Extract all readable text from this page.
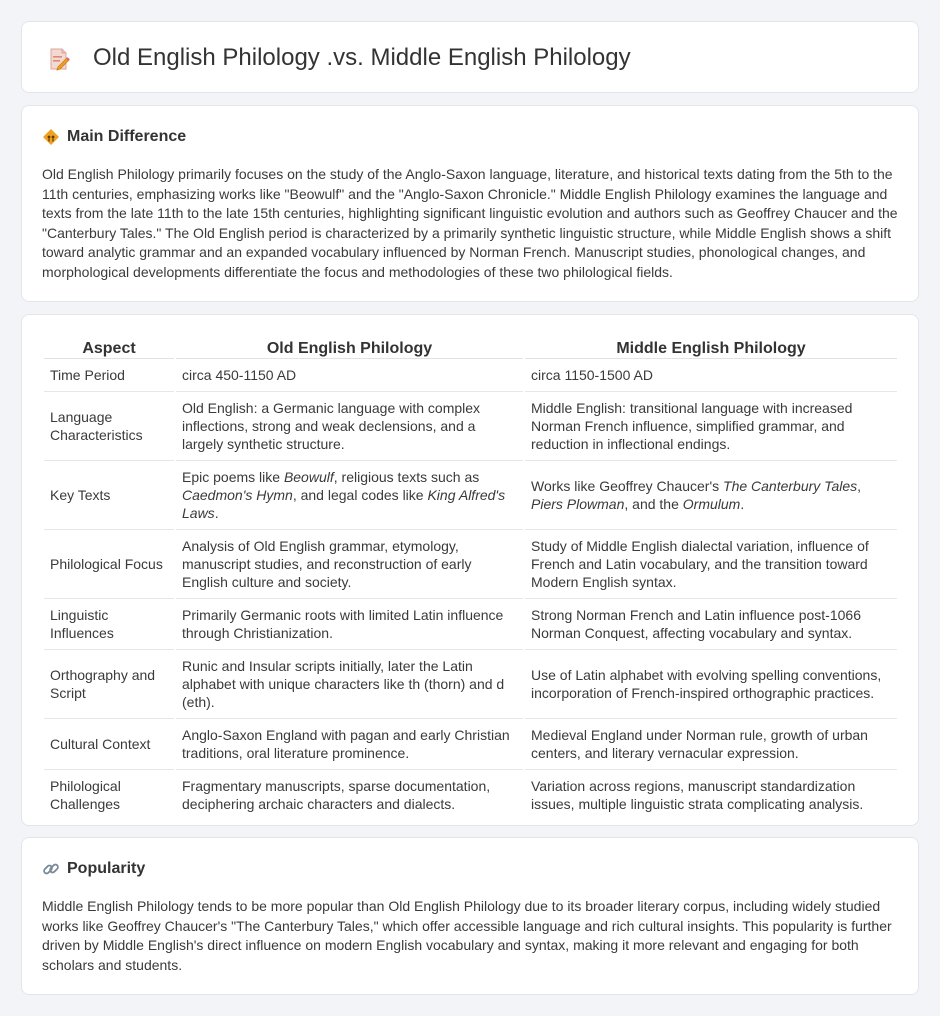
Old English Philology .vs. Middle English Philology
Main Difference

Old English Philology primarily focuses on the study of the Anglo-Saxon language, literature, and historical texts dating from the 5th to the 11th centuries, emphasizing works like "Beowulf" and the "Anglo-Saxon Chronicle." Middle English Philology examines the language and texts from the late 11th to the late 15th centuries, highlighting significant linguistic evolution and authors such as Geoffrey Chaucer and the "Canterbury Tales." The Old English period is characterized by a primarily synthetic linguistic structure, while Middle English shows a shift toward analytic grammar and an expanded vocabulary influenced by Norman French. Manuscript studies, phonological changes, and morphological developments differentiate the focus and methodologies of these two philological fields.

Aspect	Old English Philology	Middle English Philology
Time Period	circa 450-1150 AD	circa 1150-1500 AD
Language Characteristics	Old English: a Germanic language with complex inflections, strong and weak declensions, and a largely synthetic structure.	Middle English: transitional language with increased Norman French influence, simplified grammar, and reduction in inflectional endings.
Key Texts	Epic poems like Beowulf, religious texts such as Caedmon's Hymn, and legal codes like King Alfred's Laws.	Works like Geoffrey Chaucer's The Canterbury Tales, Piers Plowman, and the Ormulum.
Philological Focus	Analysis of Old English grammar, etymology, manuscript studies, and reconstruction of early English culture and society.	Study of Middle English dialectal variation, influence of French and Latin vocabulary, and the transition toward Modern English syntax.
Linguistic Influences	Primarily Germanic roots with limited Latin influence through Christianization.	Strong Norman French and Latin influence post-1066 Norman Conquest, affecting vocabulary and syntax.
Orthography and Script	Runic and Insular scripts initially, later the Latin alphabet with unique characters like th (thorn) and d (eth).	Use of Latin alphabet with evolving spelling conventions, incorporation of French-inspired orthographic practices.
Cultural Context	Anglo-Saxon England with pagan and early Christian traditions, oral literature prominence.	Medieval England under Norman rule, growth of urban centers, and literary vernacular expression.
Philological Challenges	Fragmentary manuscripts, sparse documentation, deciphering archaic characters and dialects.	Variation across regions, manuscript standardization issues, multiple linguistic strata complicating analysis.
Popularity

Middle English Philology tends to be more popular than Old English Philology due to its broader literary corpus, including widely studied works like Geoffrey Chaucer's "The Canterbury Tales," which offer accessible language and rich cultural insights. This popularity is further driven by Middle English's direct influence on modern English vocabulary and syntax, making it more relevant and engaging for both scholars and students.
